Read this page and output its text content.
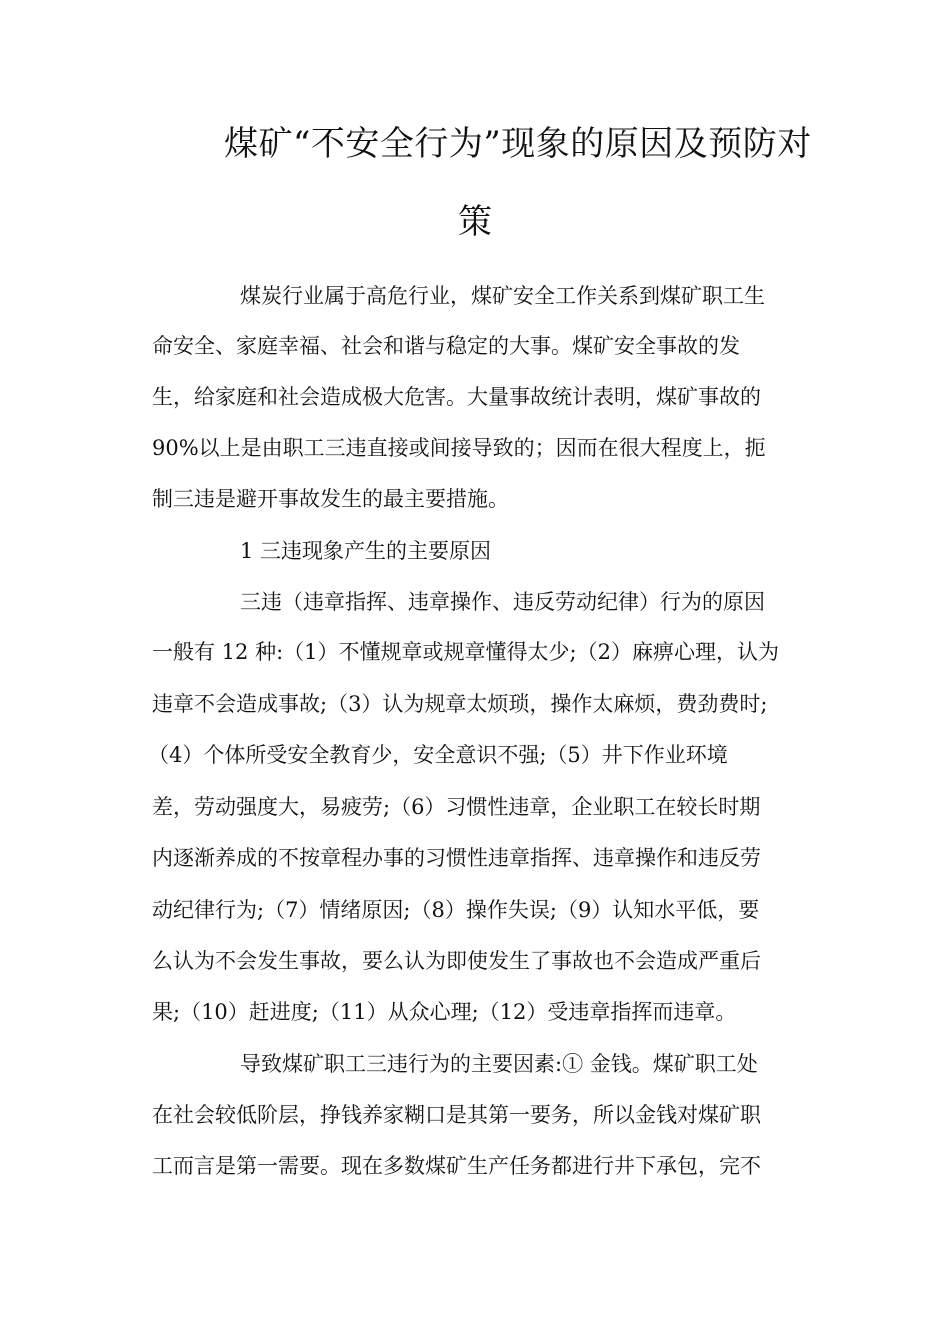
煤矿“不安全行为”现象的原因及预防对
策
煤炭行业属于高危行业，煤矿安全工作关系到煤矿职工生
命安全、家庭幸福、社会和谐与稳定的大事。煤矿安全事故的发
生，给家庭和社会造成极大危害。大量事故统计表明，煤矿事故的
90%以上是由职工三违直接或间接导致的；因而在很大程度上，扼
制三违是避开事故发生的最主要措施。
1 三违现象产生的主要原因
三违（违章指挥、违章操作、违反劳动纪律）行为的原因
一般有 12 种:（1）不懂规章或规章懂得太少;（2）麻痹心理，认为
违章不会造成事故;（3）认为规章太烦琐，操作太麻烦，费劲费时;
（4）个体所受安全教育少，安全意识不强;（5）井下作业环境
差，劳动强度大，易疲劳;（6）习惯性违章，企业职工在较长时期
内逐渐养成的不按章程办事的习惯性违章指挥、违章操作和违反劳
动纪律行为;（7）情绪原因;（8）操作失误;（9）认知水平低，要
么认为不会发生事故，要么认为即使发生了事故也不会造成严重后
果;（10）赶进度;（11）从众心理;（12）受违章指挥而违章。
导致煤矿职工三违行为的主要因素:① 金钱。煤矿职工处
在社会较低阶层，挣钱养家糊口是其第一要务，所以金钱对煤矿职
工而言是第一需要。现在多数煤矿生产任务都进行井下承包，完不
